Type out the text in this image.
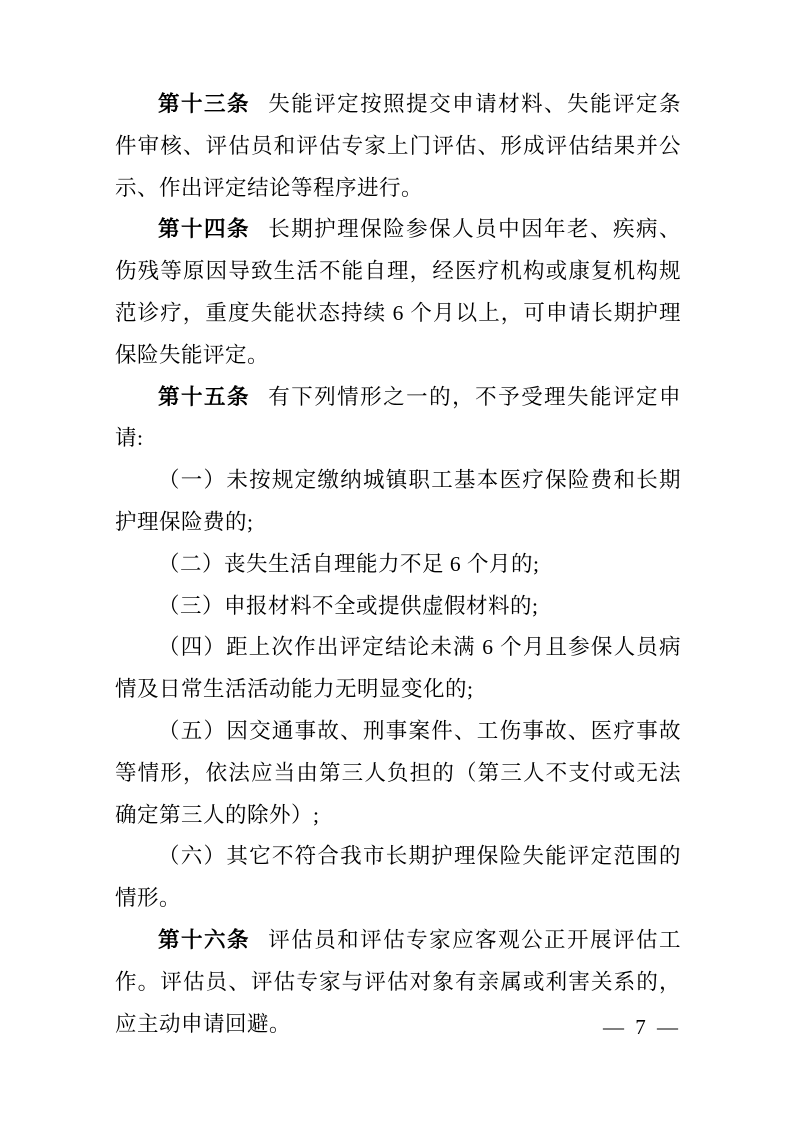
第十三条 失能评定按照提交申请材料、失能评定条件审核、评估员和评估专家上门评估、形成评估结果并公示、作出评定结论等程序进行。

第十四条 长期护理保险参保人员中因年老、疾病、伤残等原因导致生活不能自理，经医疗机构或康复机构规范诊疗，重度失能状态持续 6 个月以上，可申请长期护理保险失能评定。

第十五条 有下列情形之一的，不予受理失能评定申请:

（一）未按规定缴纳城镇职工基本医疗保险费和长期护理保险费的;

（二）丧失生活自理能力不足 6 个月的;

（三）申报材料不全或提供虚假材料的;

（四）距上次作出评定结论未满 6 个月且参保人员病情及日常生活活动能力无明显变化的;

（五）因交通事故、刑事案件、工伤事故、医疗事故等情形，依法应当由第三人负担的（第三人不支付或无法确定第三人的除外）;

（六）其它不符合我市长期护理保险失能评定范围的情形。

第十六条 评估员和评估专家应客观公正开展评估工作。评估员、评估专家与评估对象有亲属或利害关系的，应主动申请回避。	— 7 —
